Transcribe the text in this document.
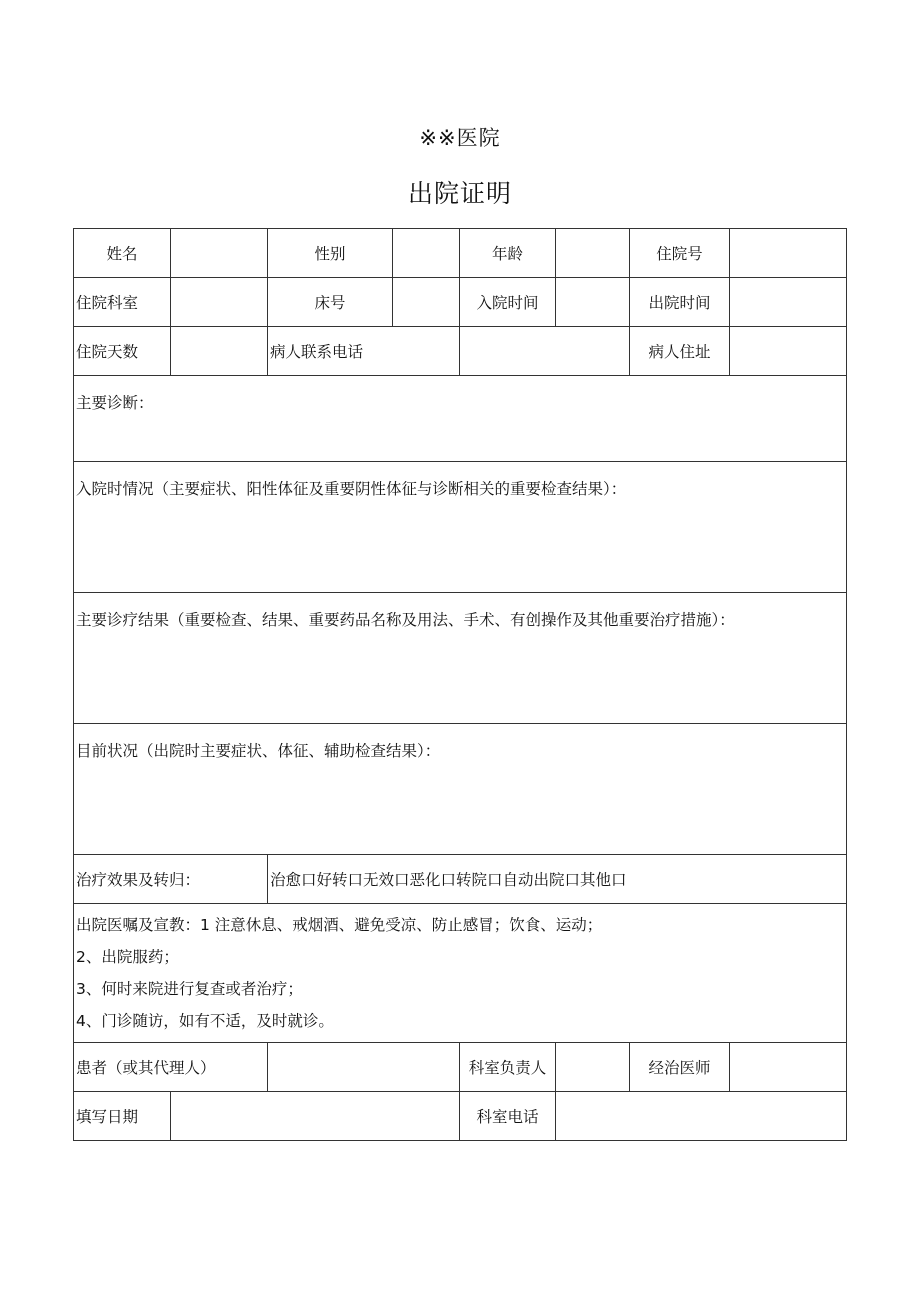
※※医院
出院证明
姓名		性别		年龄		住院号	
住院科室		床号		入院时间		出院时间	
住院天数		病人联系电话				病人住址	
主要诊断：							
入院时情况（主要症状、阳性体征及重要阴性体征与诊断相关的重要检查结果）：							
主要诊疗结果（重要检查、结果、重要药品名称及用法、手术、有创操作及其他重要治疗措施）：							
目前状况（出院时主要症状、体征、辅助检查结果）：							
治疗效果及转归：		治愈口好转口无效口恶化口转院口自动出院口其他口					

出院医嘱及宣教：1 注意休息、戒烟酒、避免受凉、防止感冒；饮食、运动；
2、出院服药；
3、何时来院进行复查或者治疗；
4、门诊随访，如有不适，及时就诊。							

患者（或其代理人）				科室负责人		经治医师	
填写日期				科室电话			
